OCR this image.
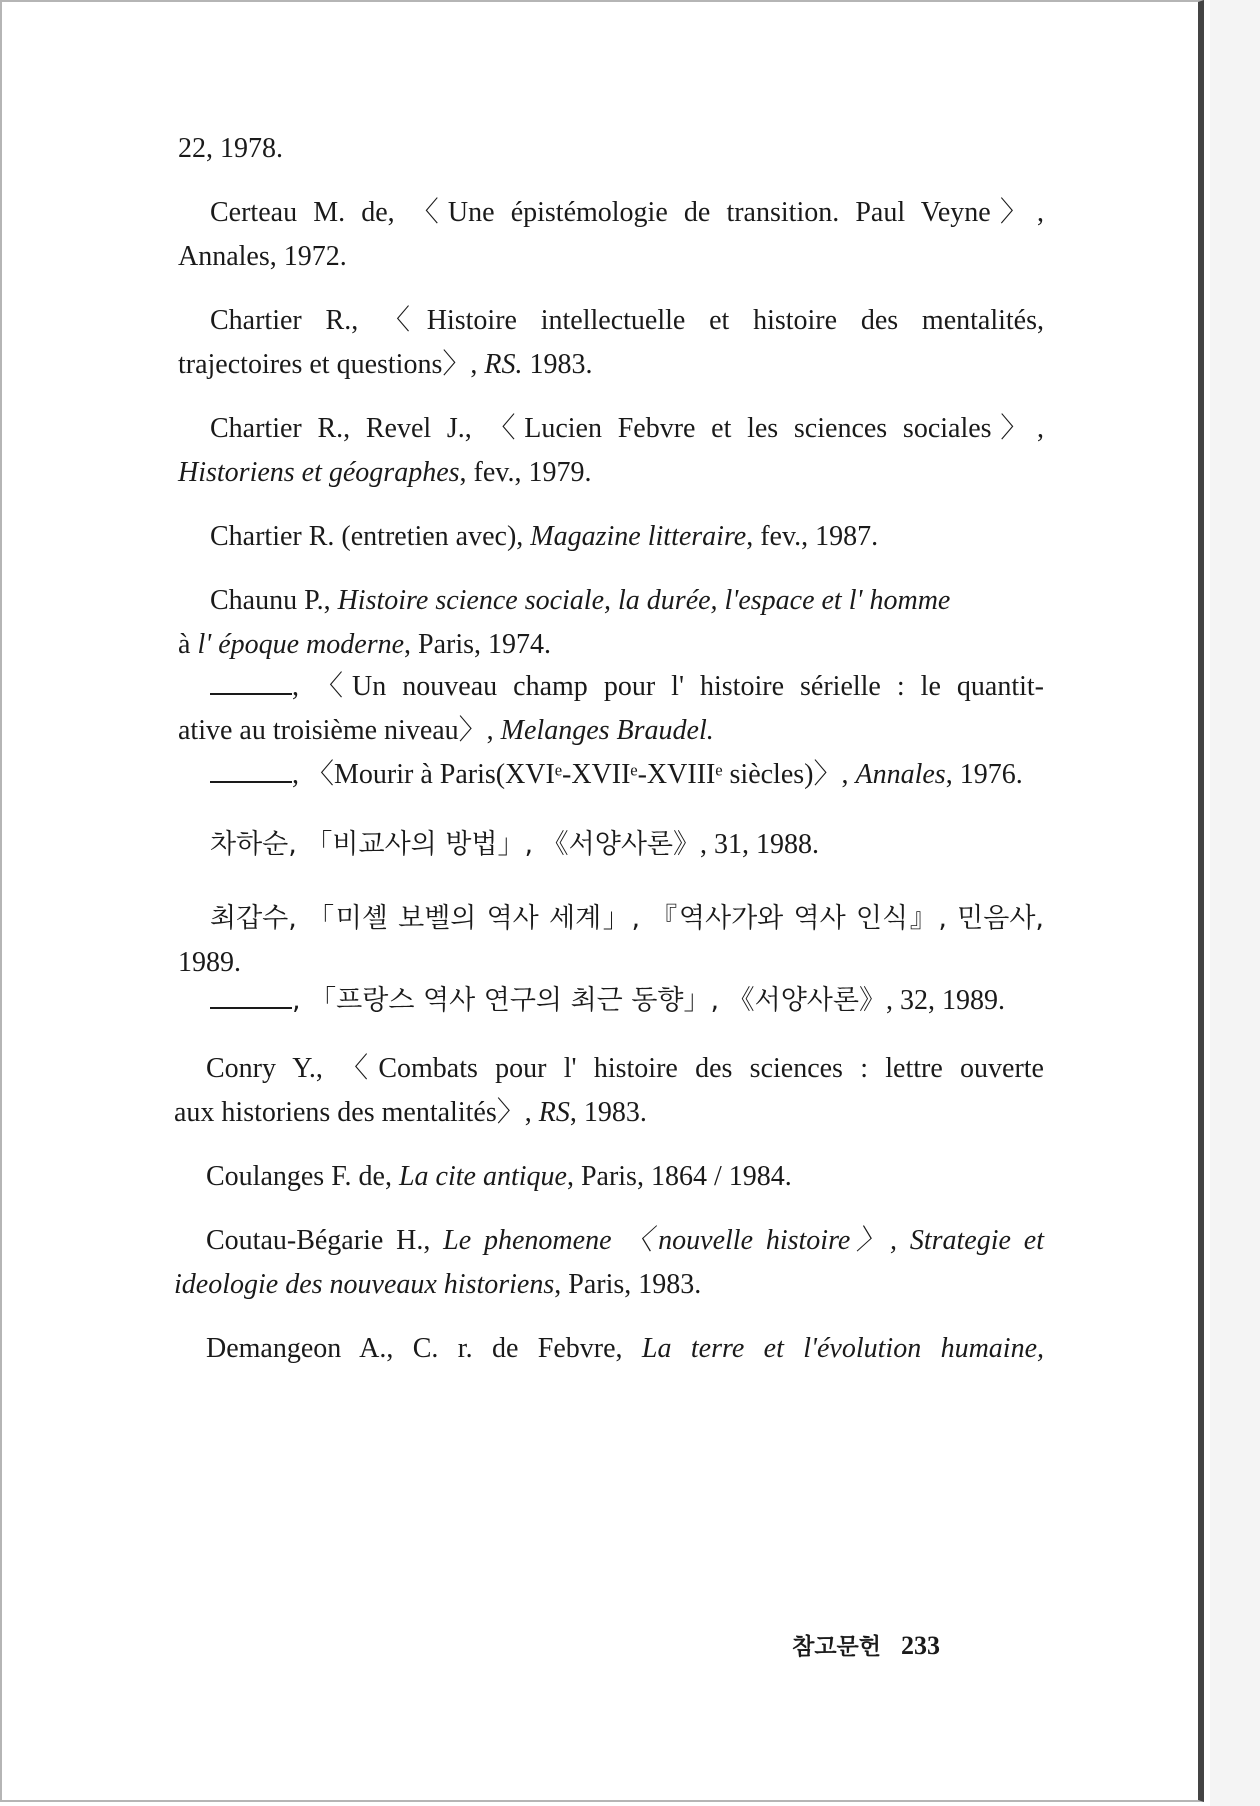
22, 1978.
Certeau M. de, 〈Une épistémologie de transition. Paul Veyne〉,
Annales, 1972.
Chartier R., 〈Histoire intellectuelle et histoire des mentalités,
trajectoires et questions〉, RS. 1983.
Chartier R., Revel J., 〈Lucien Febvre et les sciences sociales〉,
Historiens et géographes, fev., 1979.
Chartier R. (entretien avec), Magazine litteraire, fev., 1987.
Chaunu P., Histoire science sociale, la durée, l'espace et l' homme
à l' époque moderne, Paris, 1974.
, 〈Un nouveau champ pour l' histoire sérielle : le quantit-
ative au troisième niveau〉, Melanges Braudel.
, 〈Mourir à Paris(XVIᵉ-XVIIᵉ-XVIIIᵉ siècles)〉, Annales, 1976.
차하순, 「비교사의 방법」, 《서양사론》, 31, 1988.
최갑수, 「미셸 보벨의 역사 세계」, 『역사가와 역사 인식』, 민음사,
1989.
, 「프랑스 역사 연구의 최근 동향」, 《서양사론》, 32, 1989.
Conry Y., 〈Combats pour l' histoire des sciences : lettre ouverte
aux historiens des mentalités〉, RS, 1983.
Coulanges F. de, La cite antique, Paris, 1864 / 1984.
Coutau-Bégarie H., Le phenomene 〈nouvelle histoire〉, Strategie et
ideologie des nouveaux historiens, Paris, 1983.
Demangeon A., C. r. de Febvre, La terre et l'évolution humaine,
참고문헌 233
